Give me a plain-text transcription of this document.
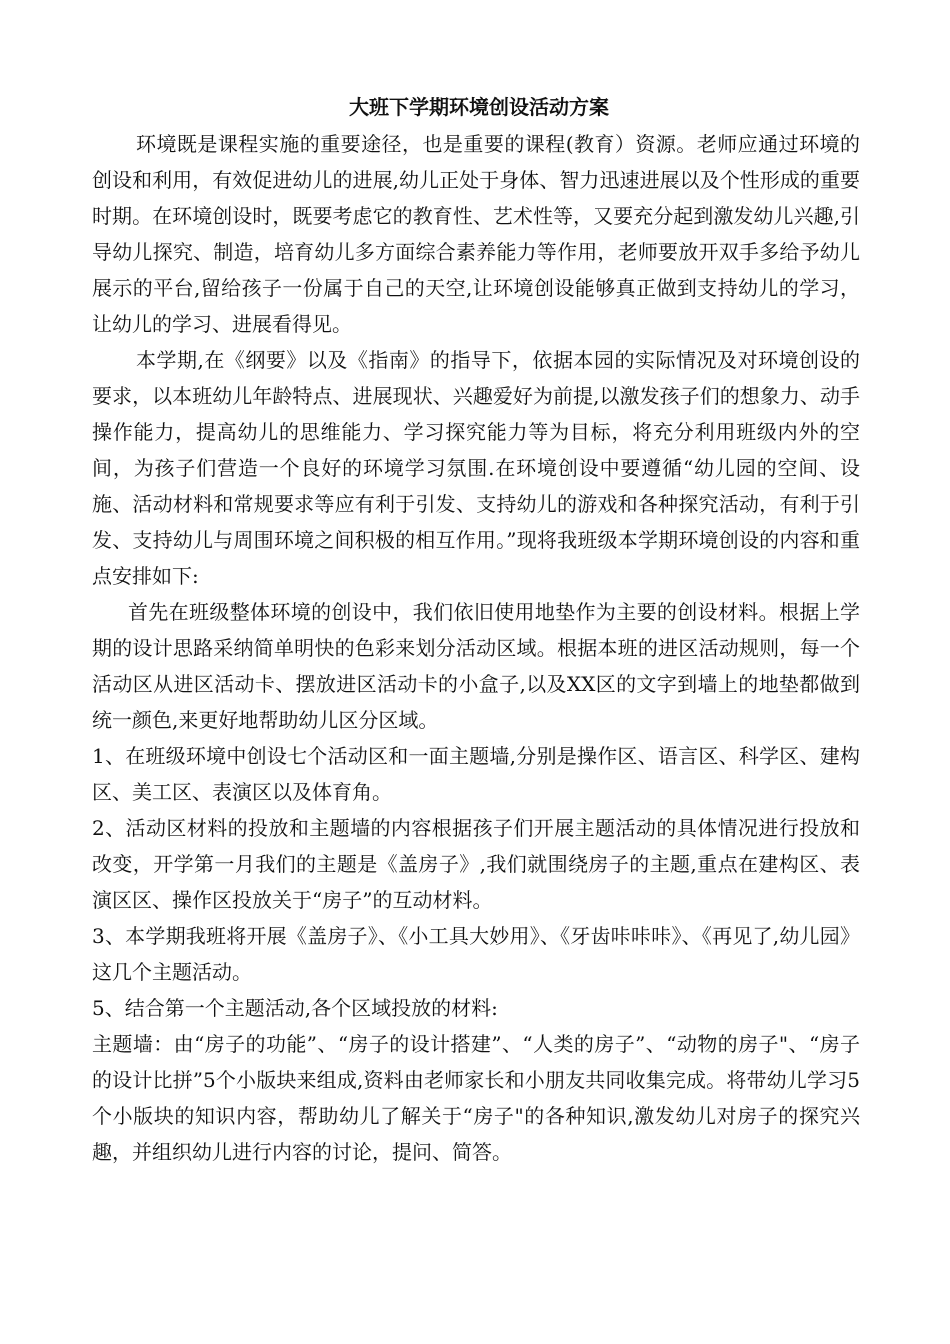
大班下学期环境创设活动方案

环境既是课程实施的重要途径，也是重要的课程(教育）资源。老师应通过环境的创设和利用，有效促进幼儿的进展,幼儿正处于身体、智力迅速进展以及个性形成的重要时期。在环境创设时，既要考虑它的教育性、艺术性等，又要充分起到激发幼儿兴趣,引导幼儿探究、制造，培育幼儿多方面综合素养能力等作用，老师要放开双手多给予幼儿展示的平台,留给孩子一份属于自己的天空,让环境创设能够真正做到支持幼儿的学习，让幼儿的学习、进展看得见。

本学期,在《纲要》以及《指南》的指导下，依据本园的实际情况及对环境创设的要求，以本班幼儿年龄特点、进展现状、兴趣爱好为前提,以激发孩子们的想象力、动手操作能力，提高幼儿的思维能力、学习探究能力等为目标，将充分利用班级内外的空间，为孩子们营造一个良好的环境学习氛围.在环境创设中要遵循“幼儿园的空间、设施、活动材料和常规要求等应有利于引发、支持幼儿的游戏和各种探究活动，有利于引发、支持幼儿与周围环境之间积极的相互作用。”现将我班级本学期环境创设的内容和重点安排如下:

首先在班级整体环境的创设中，我们依旧使用地垫作为主要的创设材料。根据上学期的设计思路采纳简单明快的色彩来划分活动区域。根据本班的进区活动规则，每一个活动区从进区活动卡、摆放进区活动卡的小盒子,以及XX区的文字到墙上的地垫都做到统一颜色,来更好地帮助幼儿区分区域。

1、在班级环境中创设七个活动区和一面主题墙,分别是操作区、语言区、科学区、建构区、美工区、表演区以及体育角。

2、活动区材料的投放和主题墙的内容根据孩子们开展主题活动的具体情况进行投放和改变，开学第一月我们的主题是《盖房子》,我们就围绕房子的主题,重点在建构区、表演区区、操作区投放关于“房子”的互动材料。

3、本学期我班将开展《盖房子》、《小工具大妙用》、《牙齿咔咔咔》、《再见了,幼儿园》这几个主题活动。

5、结合第一个主题活动,各个区域投放的材料:

主题墙：由“房子的功能”、“房子的设计搭建”、“人类的房子”、“动物的房子"、“房子的设计比拼”5个小版块来组成,资料由老师家长和小朋友共同收集完成。将带幼儿学习5个小版块的知识内容，帮助幼儿了解关于“房子"的各种知识,激发幼儿对房子的探究兴趣，并组织幼儿进行内容的讨论，提问、简答。
